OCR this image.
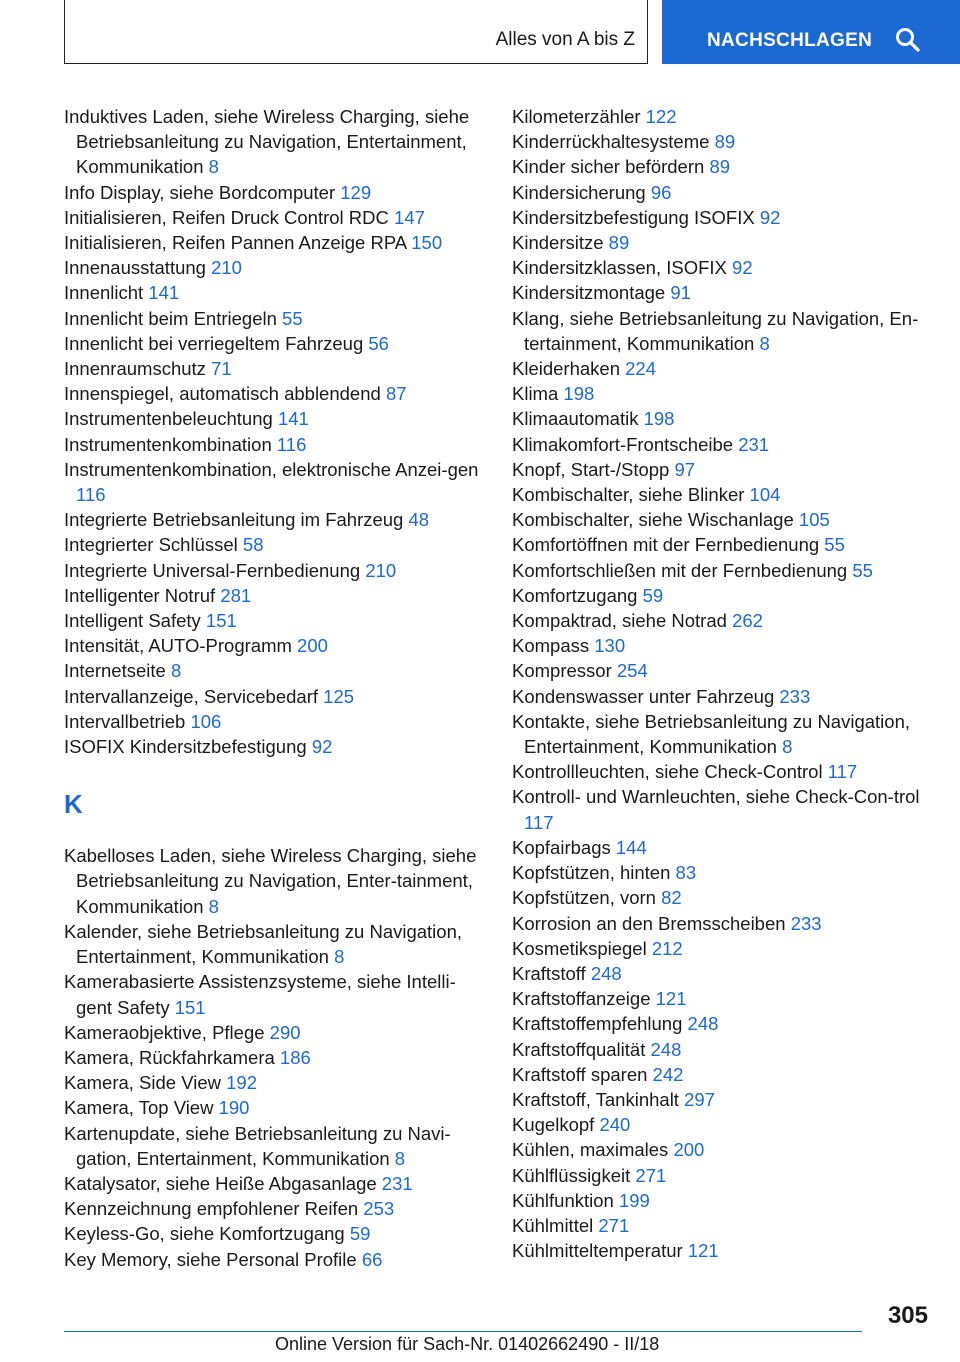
Alles von A bis Z	NACHSCHLAGEN

Induktives Laden, siehe Wireless Charging, siehe Betriebsanleitung zu Navigation, Entertainment, Kommunikation 8

Info Display, siehe Bordcomputer 129

Initialisieren, Reifen Druck Control RDC 147

Initialisieren, Reifen Pannen Anzeige RPA 150

Innenausstattung 210

Innenlicht 141

Innenlicht beim Entriegeln 55

Innenlicht bei verriegeltem Fahrzeug 56

Innenraumschutz 71

Innenspiegel, automatisch abblendend 87

Instrumentenbeleuchtung 141

Instrumentenkombination 116

Instrumentenkombination, elektronische Anzei-gen 116

Integrierte Betriebsanleitung im Fahrzeug 48

Integrierter Schlüssel 58

Integrierte Universal-Fernbedienung 210

Intelligenter Notruf 281

Intelligent Safety 151

Intensität, AUTO-Programm 200

Internetseite 8

Intervallanzeige, Servicebedarf 125

Intervallbetrieb 106

ISOFIX Kindersitzbefestigung 92

K

Kabelloses Laden, siehe Wireless Charging, siehe Betriebsanleitung zu Navigation, Enter-tainment, Kommunikation 8

Kalender, siehe Betriebsanleitung zu Navigation, Entertainment, Kommunikation 8

Kamerabasierte Assistenzsysteme, siehe Intelli-gent Safety 151

Kameraobjektive, Pflege 290

Kamera, Rückfahrkamera 186

Kamera, Side View 192

Kamera, Top View 190

Kartenupdate, siehe Betriebsanleitung zu Navi-gation, Entertainment, Kommunikation 8

Katalysator, siehe Heiße Abgasanlage 231

Kennzeichnung empfohlener Reifen 253

Keyless-Go, siehe Komfortzugang 59

Key Memory, siehe Personal Profile 66

Kilometerzähler 122

Kinderrückhaltesysteme 89

Kinder sicher befördern 89

Kindersicherung 96

Kindersitzbefestigung ISOFIX 92

Kindersitze 89

Kindersitzklassen, ISOFIX 92

Kindersitzmontage 91

Klang, siehe Betriebsanleitung zu Navigation, En-tertainment, Kommunikation 8

Kleiderhaken 224

Klima 198

Klimaautomatik 198

Klimakomfort-Frontscheibe 231

Knopf, Start-/Stopp 97

Kombischalter, siehe Blinker 104

Kombischalter, siehe Wischanlage 105

Komfortöffnen mit der Fernbedienung 55

Komfortschließen mit der Fernbedienung 55

Komfortzugang 59

Kompaktrad, siehe Notrad 262

Kompass 130

Kompressor 254

Kondenswasser unter Fahrzeug 233

Kontakte, siehe Betriebsanleitung zu Navigation, Entertainment, Kommunikation 8

Kontrollleuchten, siehe Check-Control 117

Kontroll- und Warnleuchten, siehe Check-Con-trol 117

Kopfairbags 144

Kopfstützen, hinten 83

Kopfstützen, vorn 82

Korrosion an den Bremsscheiben 233

Kosmetikspiegel 212

Kraftstoff 248

Kraftstoffanzeige 121

Kraftstoffempfehlung 248

Kraftstoffqualität 248

Kraftstoff sparen 242

Kraftstoff, Tankinhalt 297

Kugelkopf 240

Kühlen, maximales 200

Kühlflüssigkeit 271

Kühlfunktion 199

Kühlmittel 271

Kühlmitteltemperatur 121

305
Online Version für Sach-Nr. 01402662490 - II/18
